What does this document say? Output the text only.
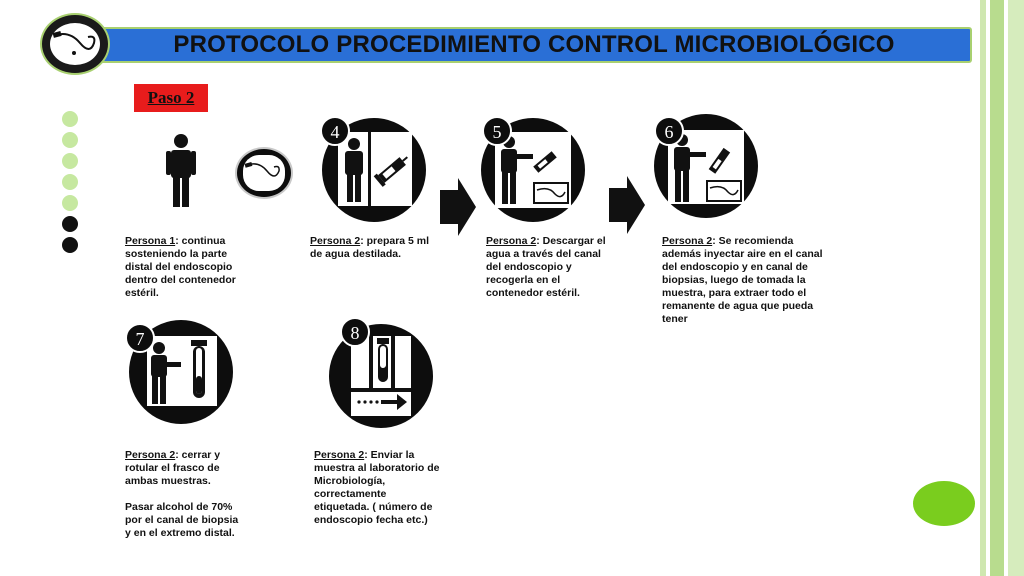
PROTOCOLO PROCEDIMIENTO CONTROL MICROBIOLÓGICO
Paso 2
4	5	6
7	8
Persona 1: continua sosteniendo la parte distal del endoscopio dentro del contenedor estéril.
Persona 2: prepara 5 ml de agua destilada.
Persona 2: Descargar el agua a través del canal del endoscopio y recogerla en el contenedor estéril.
Persona 2: Se recomienda además inyectar aire en el canal del endoscopio y en canal de biopsias, luego de tomada la muestra, para extraer todo el remanente de agua que pueda tener

Persona 2: cerrar y rotular el frasco de ambas muestras.

Pasar alcohol de 70% por el canal de biopsia y en el extremo distal.

Persona 2: Enviar la muestra al laboratorio de Microbiología, correctamente etiquetada. ( número de endoscopio fecha etc.)
